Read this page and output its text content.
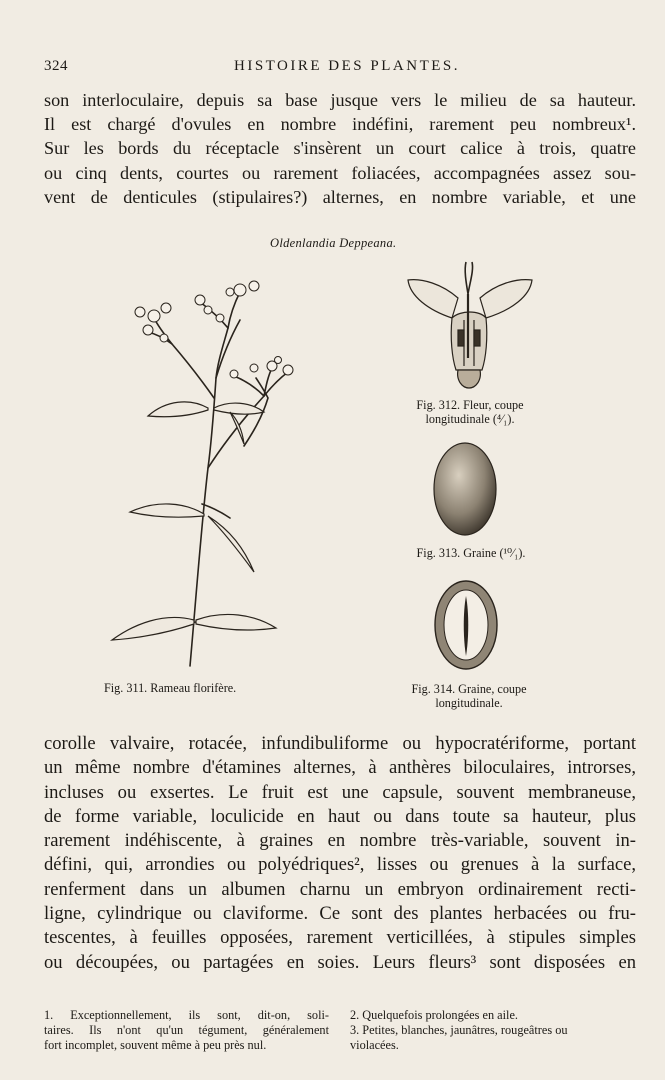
324	HISTOIRE DES PLANTES.
son interloculaire, depuis sa base jusque vers le milieu de sa hauteur.
Il est chargé d'ovules en nombre indéfini, rarement peu nombreux¹.
Sur les bords du réceptacle s'insèrent un court calice à trois, quatre
ou cinq dents, courtes ou rarement foliacées, accompagnées assez sou-
vent de denticules (stipulaires?) alternes, en nombre variable, et une
Oldenlandia Deppeana.
Fig. 312. Fleur, coupe
longitudinale (⁴⁄₁).
Fig. 313. Graine (¹⁰⁄₁).
Fig. 311. Rameau florifère.	Fig. 314. Graine, coupe
longitudinale.
corolle valvaire, rotacée, infundibuliforme ou hypocratériforme, portant
un même nombre d'étamines alternes, à anthères biloculaires, introrses,
incluses ou exsertes. Le fruit est une capsule, souvent membraneuse,
de forme variable, loculicide en haut ou dans toute sa hauteur, plus
rarement indéhiscente, à graines en nombre très-variable, souvent in-
défini, qui, arrondies ou polyédriques², lisses ou grenues à la surface,
renferment dans un albumen charnu un embryon ordinairement recti-
ligne, cylindrique ou claviforme. Ce sont des plantes herbacées ou fru-
tescentes, à feuilles opposées, rarement verticillées, à stipules simples
ou découpées, ou partagées en soies. Leurs fleurs³ sont disposées en
1. Exceptionnellement, ils sont, dit-on, soli-
taires. Ils n'ont qu'un tégument, généralement
fort incomplet, souvent même à peu près nul.
2. Quelquefois prolongées en aile.
3. Petites, blanches, jaunâtres, rougeâtres ou
violacées.
